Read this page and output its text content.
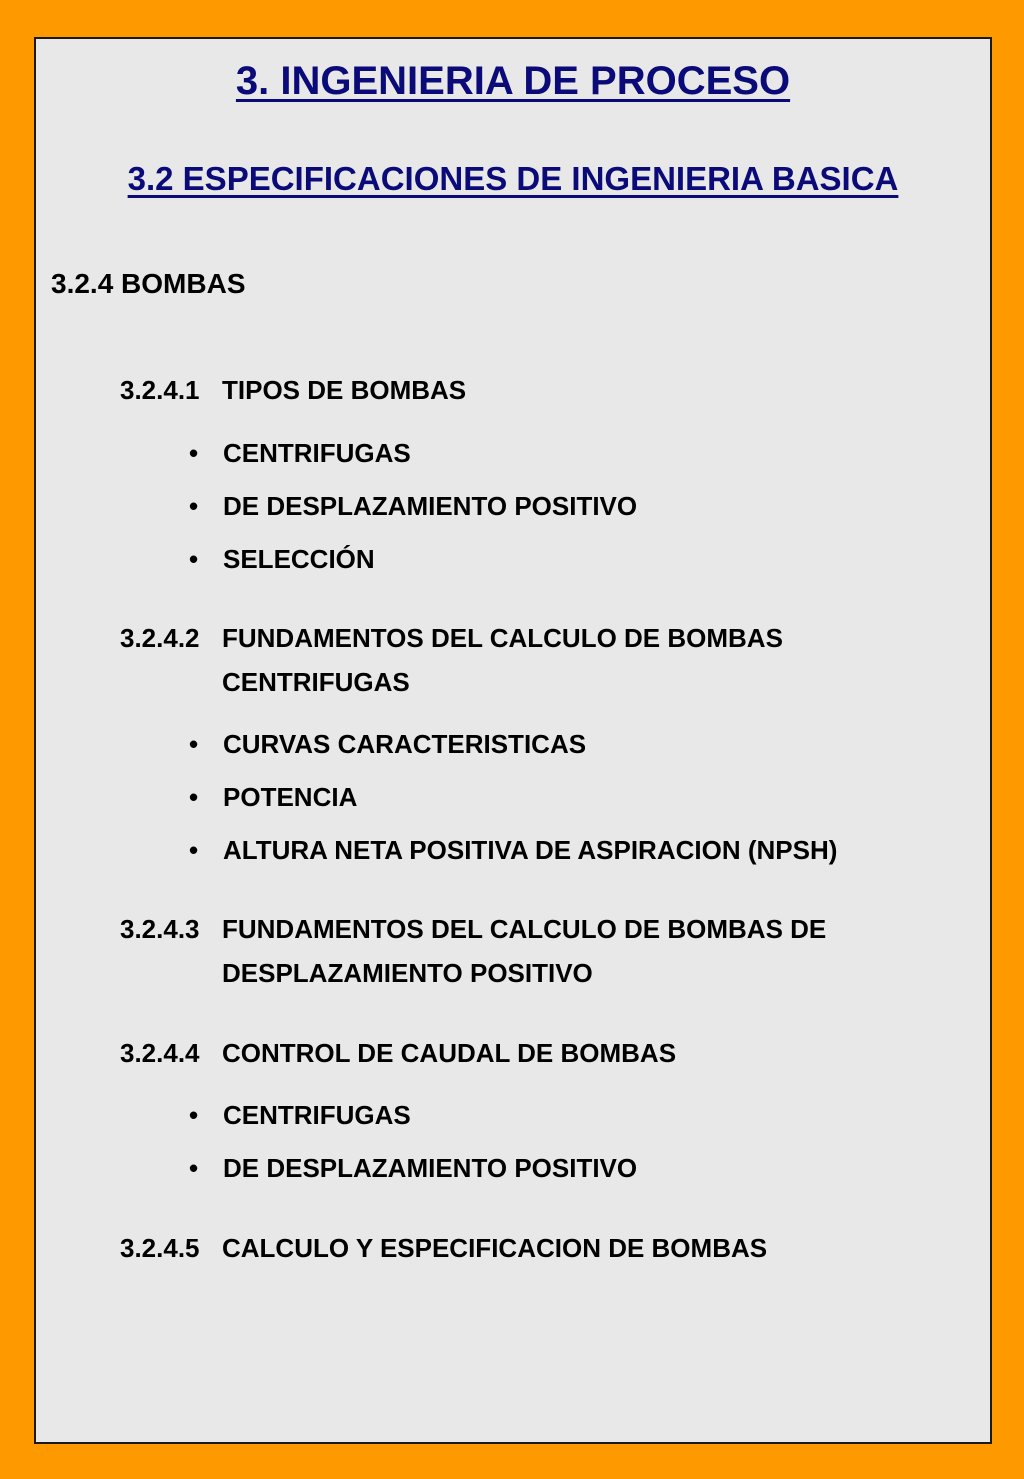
3. INGENIERIA DE PROCESO
3.2 ESPECIFICACIONES DE INGENIERIA BASICA
3.2.4 BOMBAS
3.2.4.1 TIPOS DE BOMBAS
• CENTRIFUGAS
• DE DESPLAZAMIENTO POSITIVO
• SELECCIÓN
3.2.4.2 FUNDAMENTOS DEL CALCULO DE BOMBAS
CENTRIFUGAS
• CURVAS CARACTERISTICAS
• POTENCIA
• ALTURA NETA POSITIVA DE ASPIRACION (NPSH)
3.2.4.3 FUNDAMENTOS DEL CALCULO DE BOMBAS DE
DESPLAZAMIENTO POSITIVO
3.2.4.4 CONTROL DE CAUDAL DE BOMBAS
• CENTRIFUGAS
• DE DESPLAZAMIENTO POSITIVO
3.2.4.5 CALCULO Y ESPECIFICACION DE BOMBAS
